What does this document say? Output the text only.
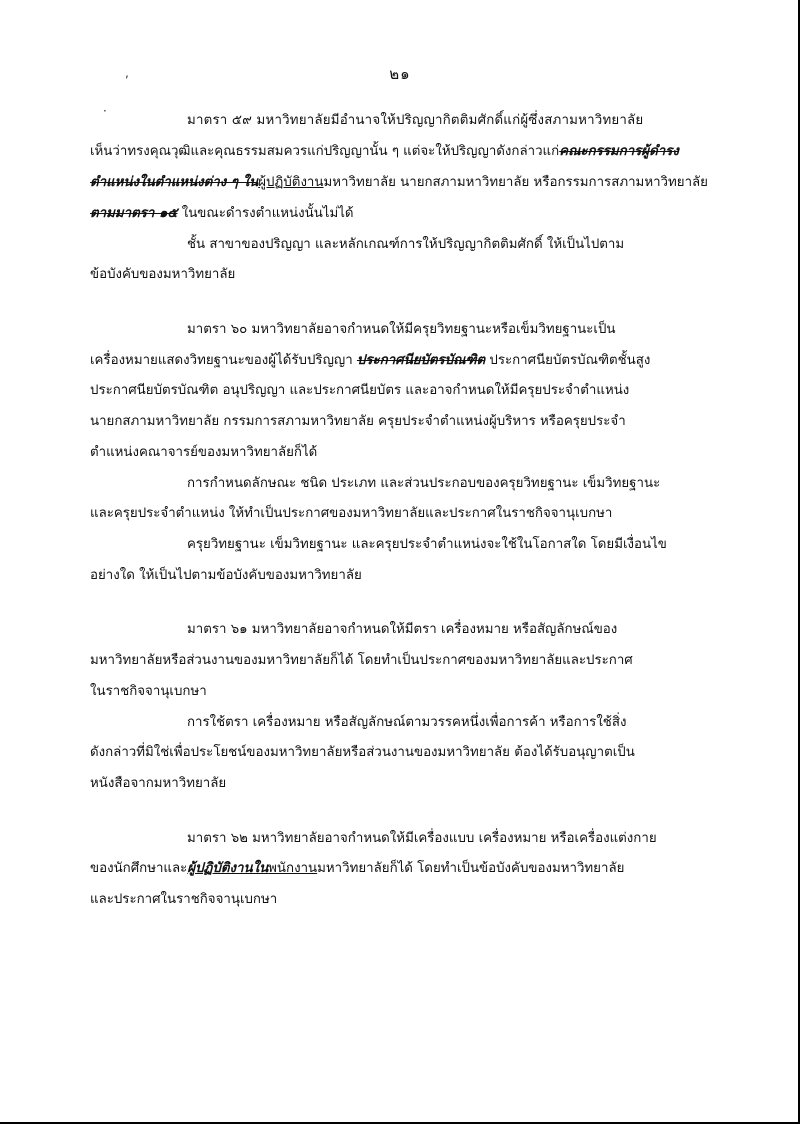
๒๑
,
·
มาตรา ๕๙ มหาวิทยาลัยมีอำนาจให้ปริญญากิตติมศักดิ์แก่ผู้ซึ่งสภามหาวิทยาลัย
เห็นว่าทรงคุณวุฒิและคุณธรรมสมควรแก่ปริญญานั้น ๆ แต่จะให้ปริญญาดังกล่าวแก่คณะกรรมการผู้ดำรง
ตำแหน่งในตำแหน่งต่าง ๆ ในผู้ปฏิบัติงานมหาวิทยาลัย นายกสภามหาวิทยาลัย หรือกรรมการสภามหาวิทยาลัย
ตามมาตรา ๑๕ ในขณะดำรงตำแหน่งนั้นไม่ได้
ชั้น สาขาของปริญญา และหลักเกณฑ์การให้ปริญญากิตติมศักดิ์ ให้เป็นไปตาม
ข้อบังคับของมหาวิทยาลัย
มาตรา ๖๐ มหาวิทยาลัยอาจกำหนดให้มีครุยวิทยฐานะหรือเข็มวิทยฐานะเป็น
เครื่องหมายแสดงวิทยฐานะของผู้ได้รับปริญญา ประกาศนียบัตรบัณฑิต ประกาศนียบัตรบัณฑิตชั้นสูง
ประกาศนียบัตรบัณฑิต อนุปริญญา และประกาศนียบัตร และอาจกำหนดให้มีครุยประจำตำแหน่ง
นายกสภามหาวิทยาลัย กรรมการสภามหาวิทยาลัย ครุยประจำตำแหน่งผู้บริหาร หรือครุยประจำ
ตำแหน่งคณาจารย์ของมหาวิทยาลัยก็ได้
การกำหนดลักษณะ ชนิด ประเภท และส่วนประกอบของครุยวิทยฐานะ เข็มวิทยฐานะ
และครุยประจำตำแหน่ง ให้ทำเป็นประกาศของมหาวิทยาลัยและประกาศในราชกิจจานุเบกษา
ครุยวิทยฐานะ เข็มวิทยฐานะ และครุยประจำตำแหน่งจะใช้ในโอกาสใด โดยมีเงื่อนไข
อย่างใด ให้เป็นไปตามข้อบังคับของมหาวิทยาลัย
มาตรา ๖๑ มหาวิทยาลัยอาจกำหนดให้มีตรา เครื่องหมาย หรือสัญลักษณ์ของ
มหาวิทยาลัยหรือส่วนงานของมหาวิทยาลัยก็ได้ โดยทำเป็นประกาศของมหาวิทยาลัยและประกาศ
ในราชกิจจานุเบกษา
การใช้ตรา เครื่องหมาย หรือสัญลักษณ์ตามวรรคหนึ่งเพื่อการค้า หรือการใช้สิ่ง
ดังกล่าวที่มิใช่เพื่อประโยชน์ของมหาวิทยาลัยหรือส่วนงานของมหาวิทยาลัย ต้องได้รับอนุญาตเป็น
หนังสือจากมหาวิทยาลัย
มาตรา ๖๒ มหาวิทยาลัยอาจกำหนดให้มีเครื่องแบบ เครื่องหมาย หรือเครื่องแต่งกาย
ของนักศึกษาและผู้ปฏิบัติงานในพนักงานมหาวิทยาลัยก็ได้ โดยทำเป็นข้อบังคับของมหาวิทยาลัย
และประกาศในราชกิจจานุเบกษา
